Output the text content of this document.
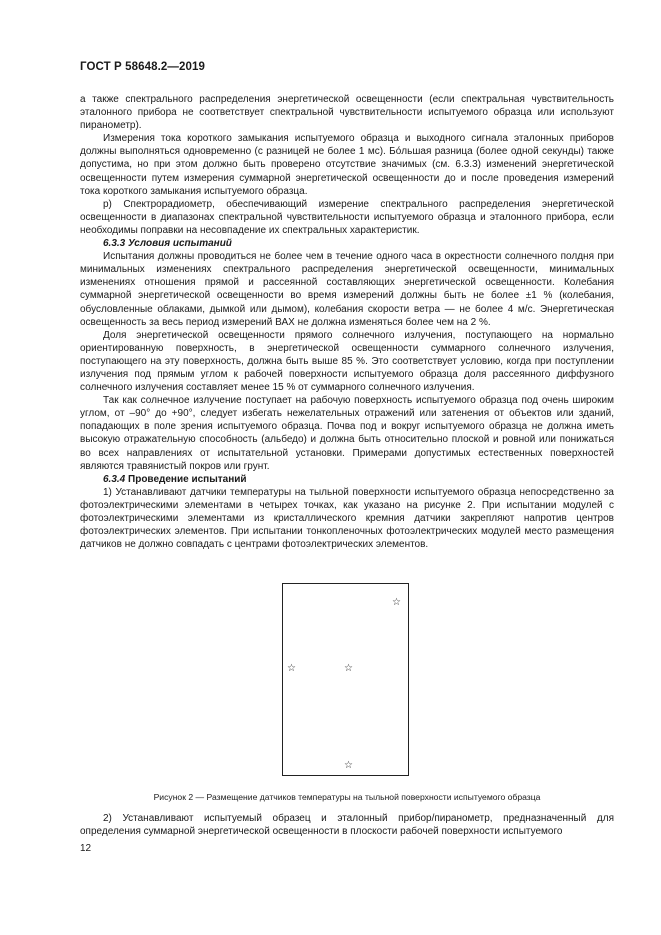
ГОСТ Р 58648.2—2019

а также спектрального распределения энергетической освещенности (если спектральная чувствительность эталонного прибора не соответствует спектральной чувствительности испытуемого образца или используют пиранометр).

Измерения тока короткого замыкания испытуемого образца и выходного сигнала эталонных приборов должны выполняться одновременно (с разницей не более 1 мс). Бо́льшая разница (более одной секунды) также допустима, но при этом должно быть проверено отсутствие значимых (см. 6.3.3) изменений энергетической освещенности путем измерения суммарной энергетической освещенности до и после проведения измерений тока короткого замыкания испытуемого образца.

р) Спектрорадиометр, обеспечивающий измерение спектрального распределения энергетической освещенности в диапазонах спектральной чувствительности испытуемого образца и эталонного прибора, если необходимы поправки на несовпадение их спектральных характеристик.

6.3.3 Условия испытаний

Испытания должны проводиться не более чем в течение одного часа в окрестности солнечного полдня при минимальных изменениях спектрального распределения энергетической освещенности, минимальных изменениях отношения прямой и рассеянной составляющих энергетической освещенности. Колебания суммарной энергетической освещенности во время измерений должны быть не более ±1 % (колебания, обусловленные облаками, дымкой или дымом), колебания скорости ветра — не более 4 м/с. Энергетическая освещенность за весь период измерений ВАХ не должна изменяться более чем на 2 %.

Доля энергетической освещенности прямого солнечного излучения, поступающего на нормально ориентированную поверхность, в энергетической освещенности суммарного солнечного излучения, поступающего на эту поверхность, должна быть выше 85 %. Это соответствует условию, когда при поступлении излучения под прямым углом к рабочей поверхности испытуемого образца доля рассеянного диффузного солнечного излучения составляет менее 15 % от суммарного солнечного излучения.

Так как солнечное излучение поступает на рабочую поверхность испытуемого образца под очень широким углом, от –90° до +90°, следует избегать нежелательных отражений или затенения от объектов или зданий, попадающих в поле зрения испытуемого образца. Почва под и вокруг испытуемого образца не должна иметь высокую отражательную способность (альбедо) и должна быть относительно плоской и ровной или понижаться во всех направлениях от испытательной установки. Примерами допустимых естественных поверхностей являются травянистый покров или грунт.

6.3.4 Проведение испытаний

1) Устанавливают датчики температуры на тыльной поверхности испытуемого образца непосредственно за фотоэлектрическими элементами в четырех точках, как указано на рисунке 2. При испытании модулей с фотоэлектрическими элементами из кристаллического кремния датчики закрепляют напротив центров фотоэлектрических элементов. При испытании тонкопленочных фотоэлектрических модулей место размещения датчиков не должно совпадать с центрами фотоэлектрических элементов.

☆
☆	☆
☆
Рисунок 2 — Размещение датчиков температуры на тыльной поверхности испытуемого образца

2) Устанавливают испытуемый образец и эталонный прибор/пиранометр, предназначенный для определения суммарной энергетической освещенности в плоскости рабочей поверхности испытуемого

12
